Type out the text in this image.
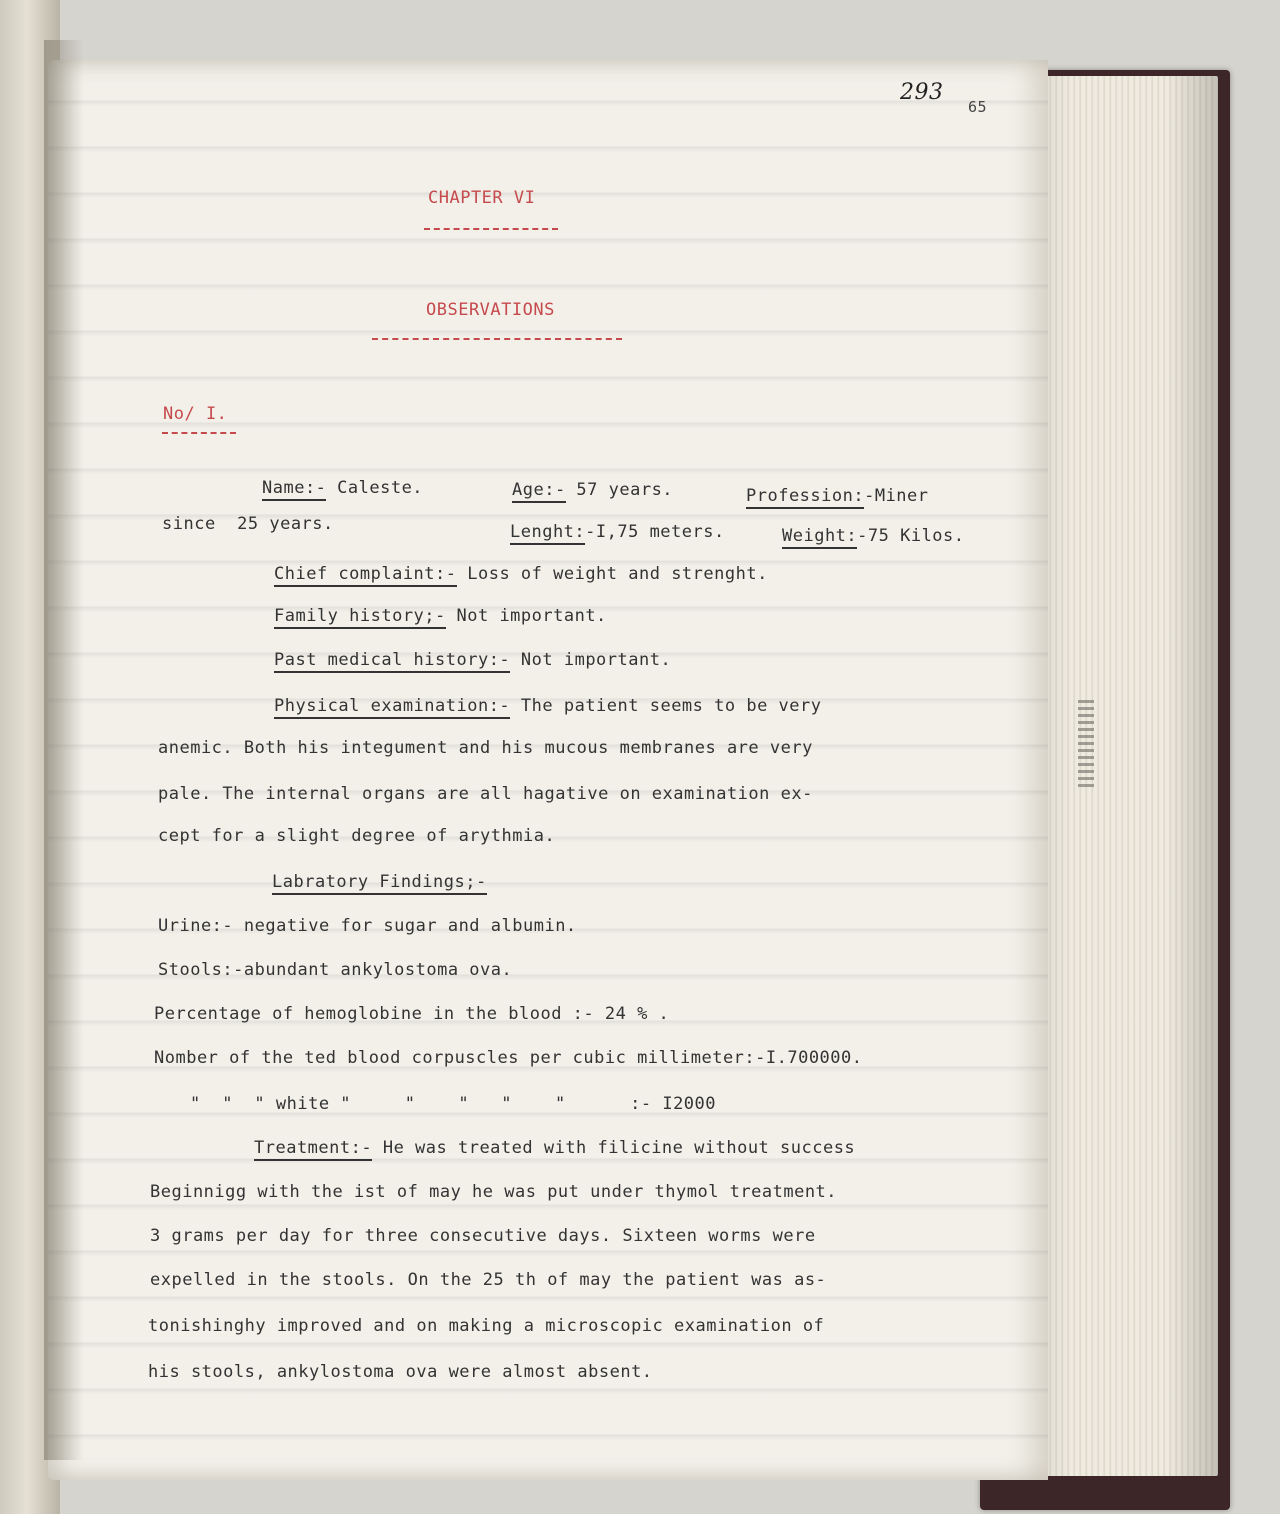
293
65
CHAPTER VI
OBSERVATIONS
No/ I.
Name:- Caleste.	Age:- 57 years.	Profession:-Miner
since  25 years.	Lenght:-I,75 meters.	Weight:-75 Kilos.
Chief complaint:- Loss of weight and strenght.
Family history;- Not important.
Past medical history:- Not important.
Physical examination:- The patient seems to be very
anemic. Both his integument and his mucous membranes are very
pale. The internal organs are all hagative on examination ex-
cept for a slight degree of arythmia.
Labratory Findings;-
Urine:- negative for sugar and albumin.
Stools:-abundant ankylostoma ova.
Percentage of hemoglobine in the blood :- 24 % .
Nomber of the ted blood corpuscles per cubic millimeter:-I.700000.
"  "  " white "     "    "   "    "      :- I2000
Treatment:- He was treated with filicine without success
Beginnigg with the ist of may he was put under thymol treatment.
3 grams per day for three consecutive days. Sixteen worms were
expelled in the stools. On the 25 th of may the patient was as-
tonishinghy improved and on making a microscopic examination of
his stools, ankylostoma ova were almost absent.
